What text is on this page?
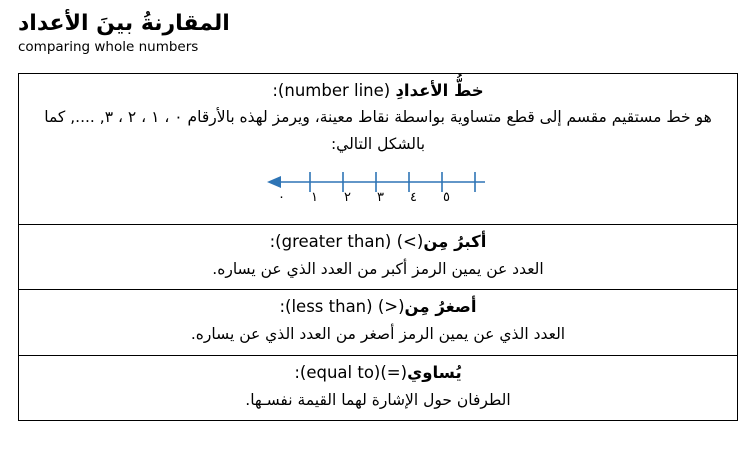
المقارنةُ بينَ الأعداد
comparing whole numbers
خطُّ الأعدادِ (number line):
هو خط مستقيم مقسم إلى قطع متساوية بواسطة نقاط معينة، ويرمز لهذه بالأرقام ٠ ، ١ ، ٢ ، ٣, ...., كما بالشكل التالي:
٠	١	٢	٣	٤	٥
أكبرُ مِن(greater than) (<):
العدد عن يمين الرمز أكبر من العدد الذي عن يساره.
أصغرُ مِن(less than) (>):
العدد الذي عن يمين الرمز أصغر من العدد الذي عن يساره.
يُساوي(equal to)(=):
الطرفان حول الإشارة لهما القيمة نفسـها.
